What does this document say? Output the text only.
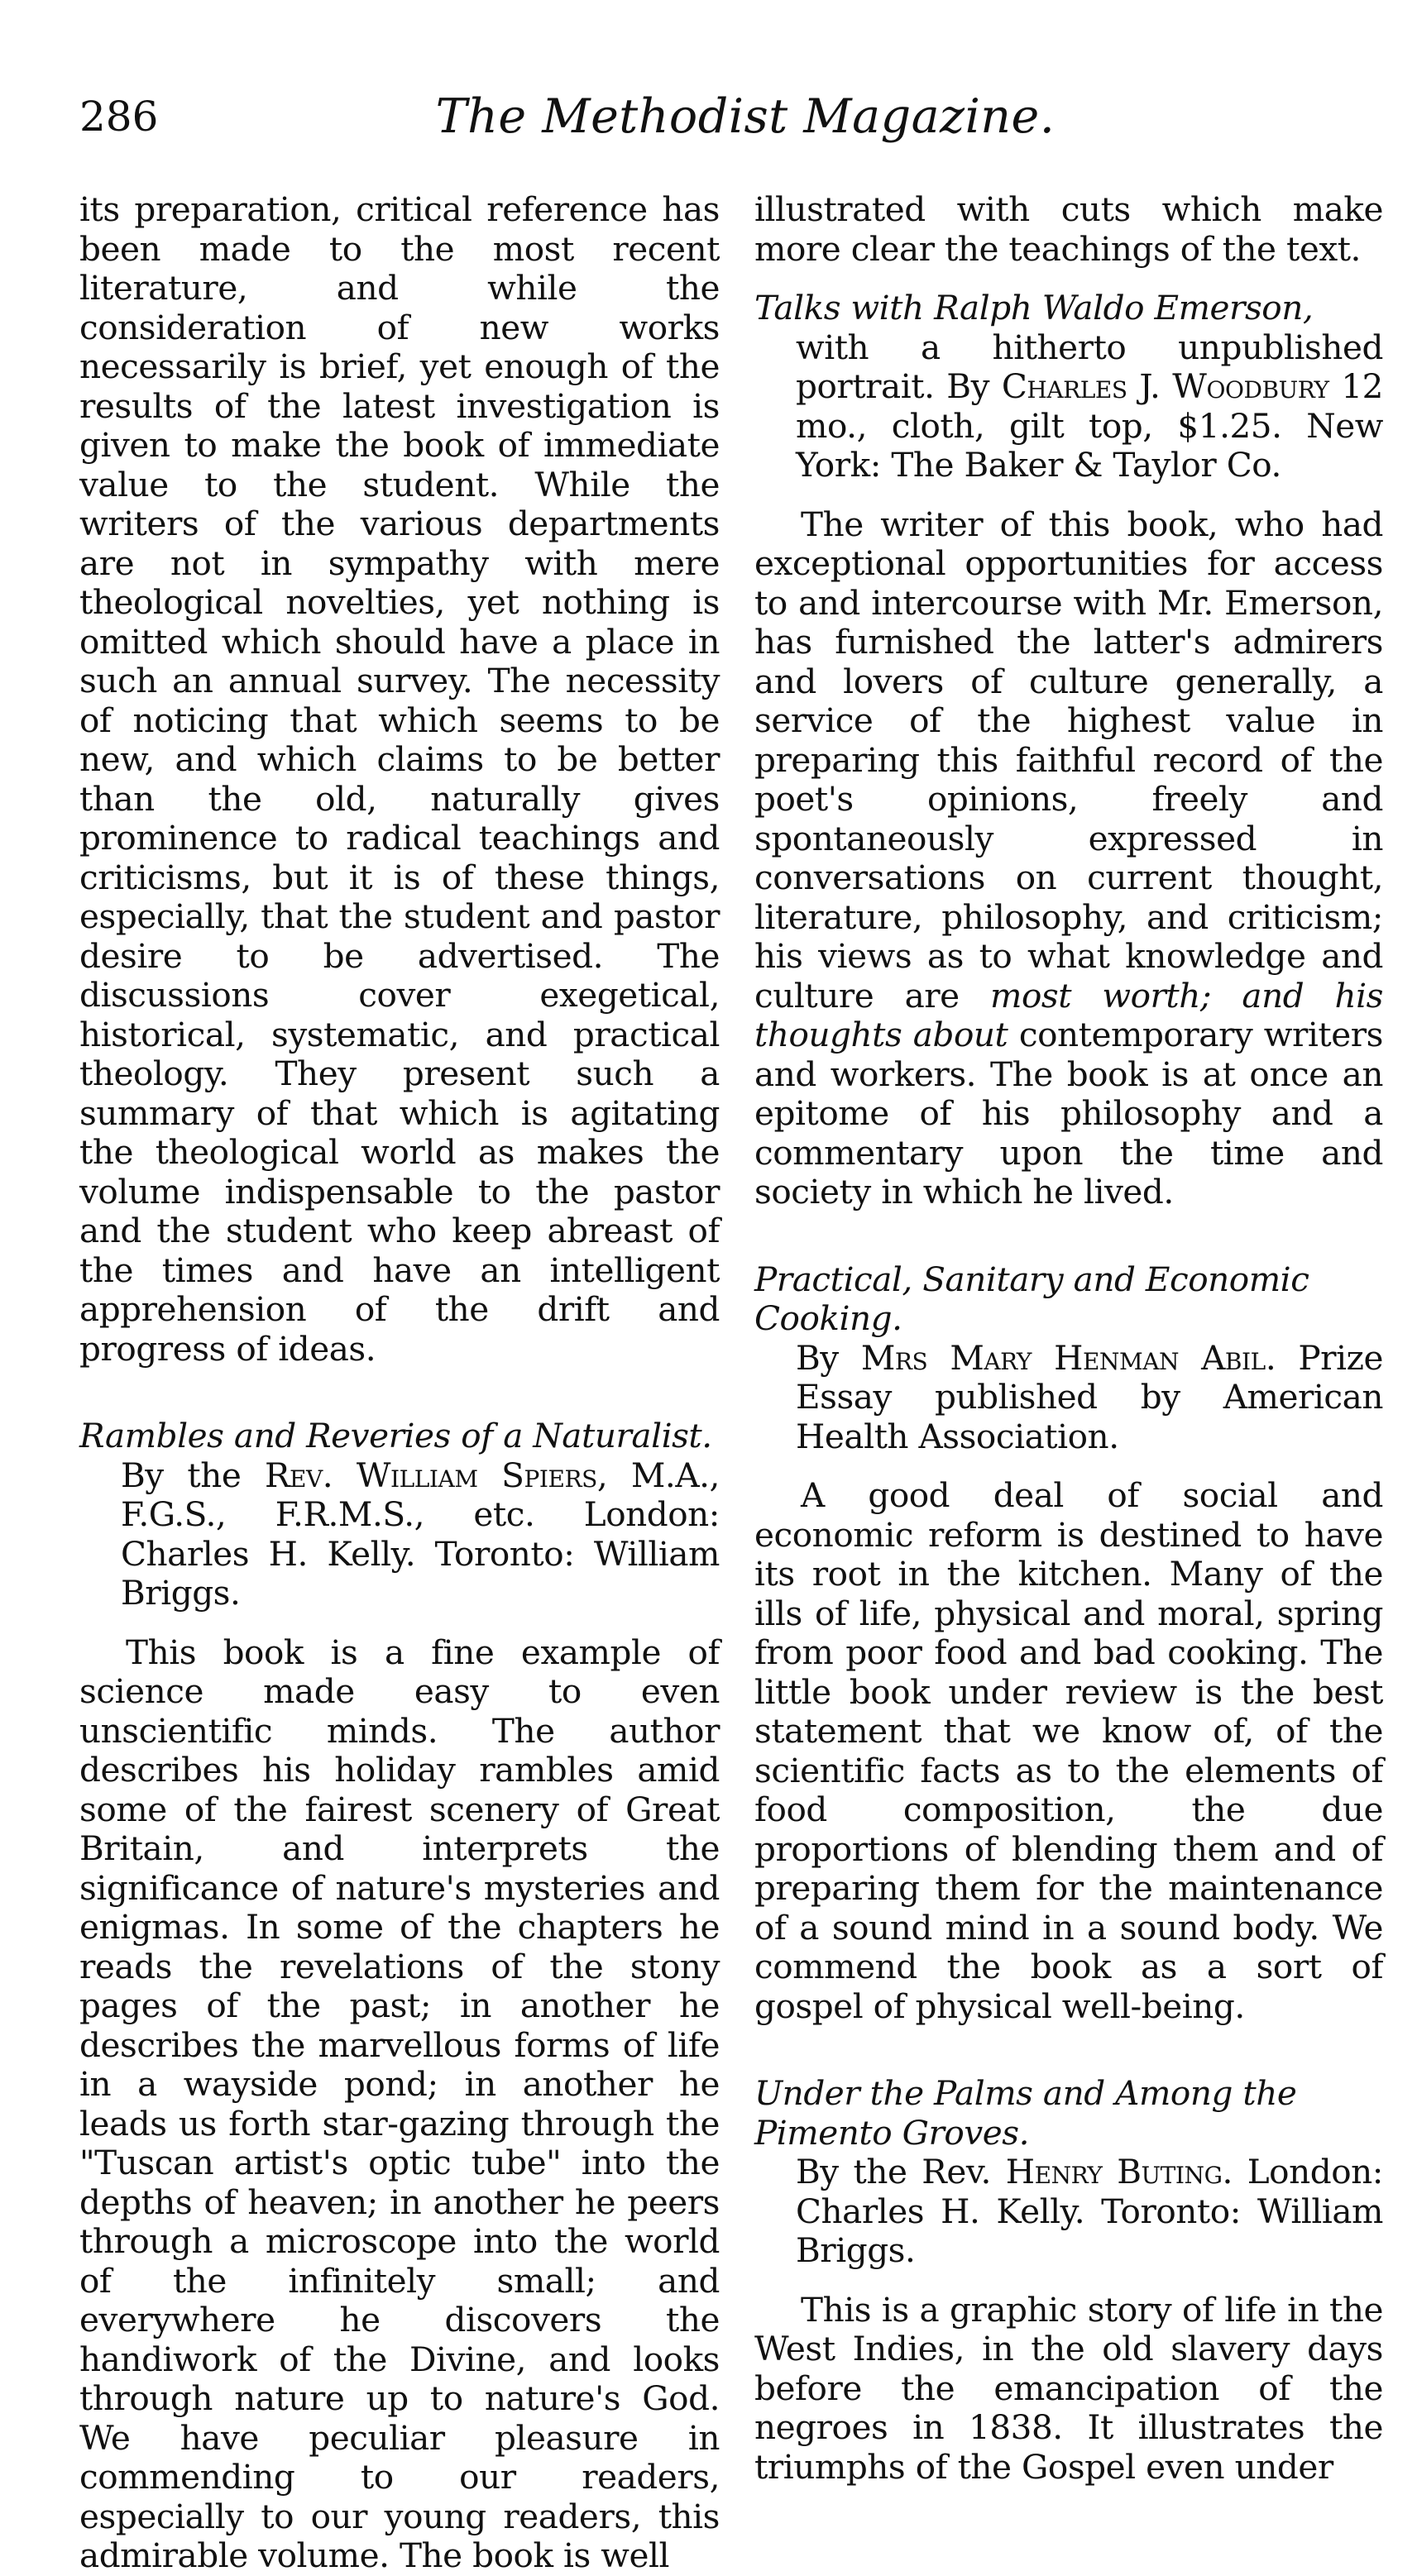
286	The Methodist Magazine.

its preparation, critical reference has been made to the most recent literature, and while the consideration of new works necessarily is brief, yet enough of the results of the latest investigation is given to make the book of immediate value to the student. While the writers of the various departments are not in sympathy with mere theological novelties, yet nothing is omitted which should have a place in such an annual survey. The necessity of noticing that which seems to be new, and which claims to be better than the old, naturally gives prominence to radical teachings and criticisms, but it is of these things, especially, that the student and pastor desire to be advertised. The discussions cover exegetical, historical, systematic, and practical theology. They present such a summary of that which is agitating the theological world as makes the volume indispensable to the pastor and the student who keep abreast of the times and have an intelligent apprehension of the drift and progress of ideas.

Rambles and Reveries of a Naturalist.
By the Rev. William Spiers, M.A., F.G.S., F.R.M.S., etc. London: Charles H. Kelly. Toronto: William Briggs.

This book is a fine example of science made easy to even unscientific minds. The author describes his holiday rambles amid some of the fairest scenery of Great Britain, and interprets the significance of nature's mysteries and enigmas. In some of the chapters he reads the revelations of the stony pages of the past; in another he describes the marvellous forms of life in a wayside pond; in another he leads us forth star-gazing through the "Tuscan artist's optic tube" into the depths of heaven; in another he peers through a microscope into the world of the infinitely small; and everywhere he discovers the handiwork of the Divine, and looks through nature up to nature's God. We have peculiar pleasure in commending to our readers, especially to our young readers, this admirable volume. The book is well

illustrated with cuts which make more clear the teachings of the text.

Talks with Ralph Waldo Emerson,
with a hitherto unpublished portrait. By Charles J. Woodbury 12 mo., cloth, gilt top, $1.25. New York: The Baker & Taylor Co.

The writer of this book, who had exceptional opportunities for access to and intercourse with Mr. Emerson, has furnished the latter's admirers and lovers of culture generally, a service of the highest value in preparing this faithful record of the poet's opinions, freely and spontaneously expressed in conversations on current thought, literature, philosophy, and criticism; his views as to what knowledge and culture are most worth; and his thoughts about contemporary writers and workers. The book is at once an epitome of his philosophy and a commentary upon the time and society in which he lived.

Practical, Sanitary and Economic Cooking.
By Mrs Mary Henman Abil. Prize Essay published by American Health Association.

A good deal of social and economic reform is destined to have its root in the kitchen. Many of the ills of life, physical and moral, spring from poor food and bad cooking. The little book under review is the best statement that we know of, of the scientific facts as to the elements of food composition, the due proportions of blending them and of preparing them for the maintenance of a sound mind in a sound body. We commend the book as a sort of gospel of physical well-being.

Under the Palms and Among the Pimento Groves.
By the Rev. Henry Buting. London: Charles H. Kelly. Toronto: William Briggs.

This is a graphic story of life in the West Indies, in the old slavery days before the emancipation of the negroes in 1838. It illustrates the triumphs of the Gospel even under
